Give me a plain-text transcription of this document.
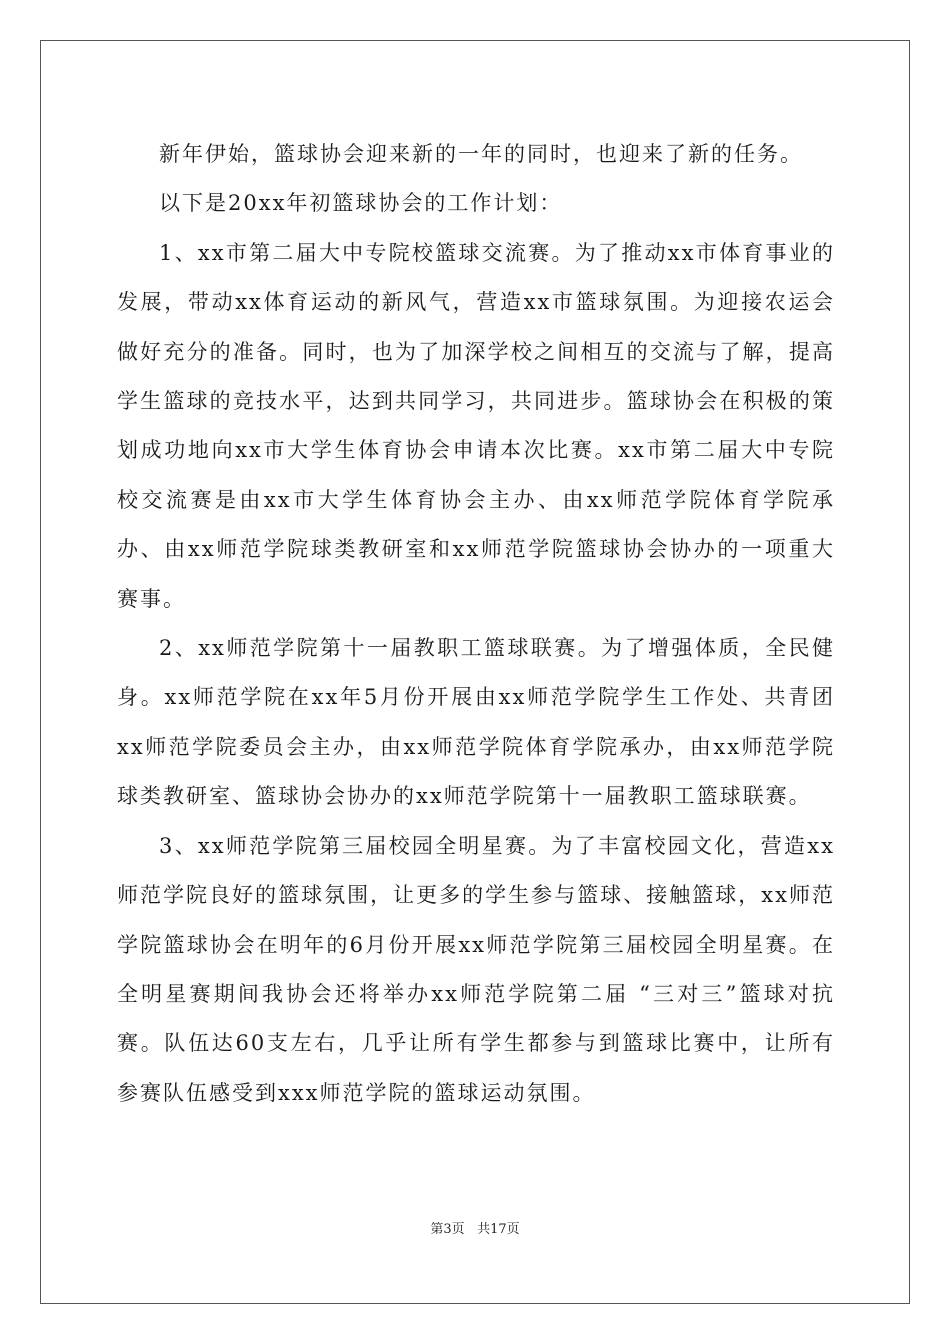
新年伊始，篮球协会迎来新的一年的同时，也迎来了新的任务。

以下是20xx年初篮球协会的工作计划：

1、xx市第二届大中专院校篮球交流赛。为了推动xx市体育事业的发展，带动xx体育运动的新风气，营造xx市篮球氛围。为迎接农运会做好充分的准备。同时，也为了加深学校之间相互的交流与了解，提高学生篮球的竞技水平，达到共同学习，共同进步。篮球协会在积极的策划成功地向xx市大学生体育协会申请本次比赛。xx市第二届大中专院校交流赛是由xx市大学生体育协会主办、由xx师范学院体育学院承办、由xx师范学院球类教研室和xx师范学院篮球协会协办的一项重大赛事。

2、xx师范学院第十一届教职工篮球联赛。为了增强体质，全民健身。xx师范学院在xx年5月份开展由xx师范学院学生工作处、共青团xx师范学院委员会主办，由xx师范学院体育学院承办，由xx师范学院球类教研室、篮球协会协办的xx师范学院第十一届教职工篮球联赛。

3、xx师范学院第三届校园全明星赛。为了丰富校园文化，营造xx师范学院良好的篮球氛围，让更多的学生参与篮球、接触篮球，xx师范学院篮球协会在明年的6月份开展xx师范学院第三届校园全明星赛。在全明星赛期间我协会还将举办xx师范学院第二届 “三对三”篮球对抗赛。队伍达60支左右，几乎让所有学生都参与到篮球比赛中，让所有参赛队伍感受到xxx师范学院的篮球运动氛围。

第3页 共17页
